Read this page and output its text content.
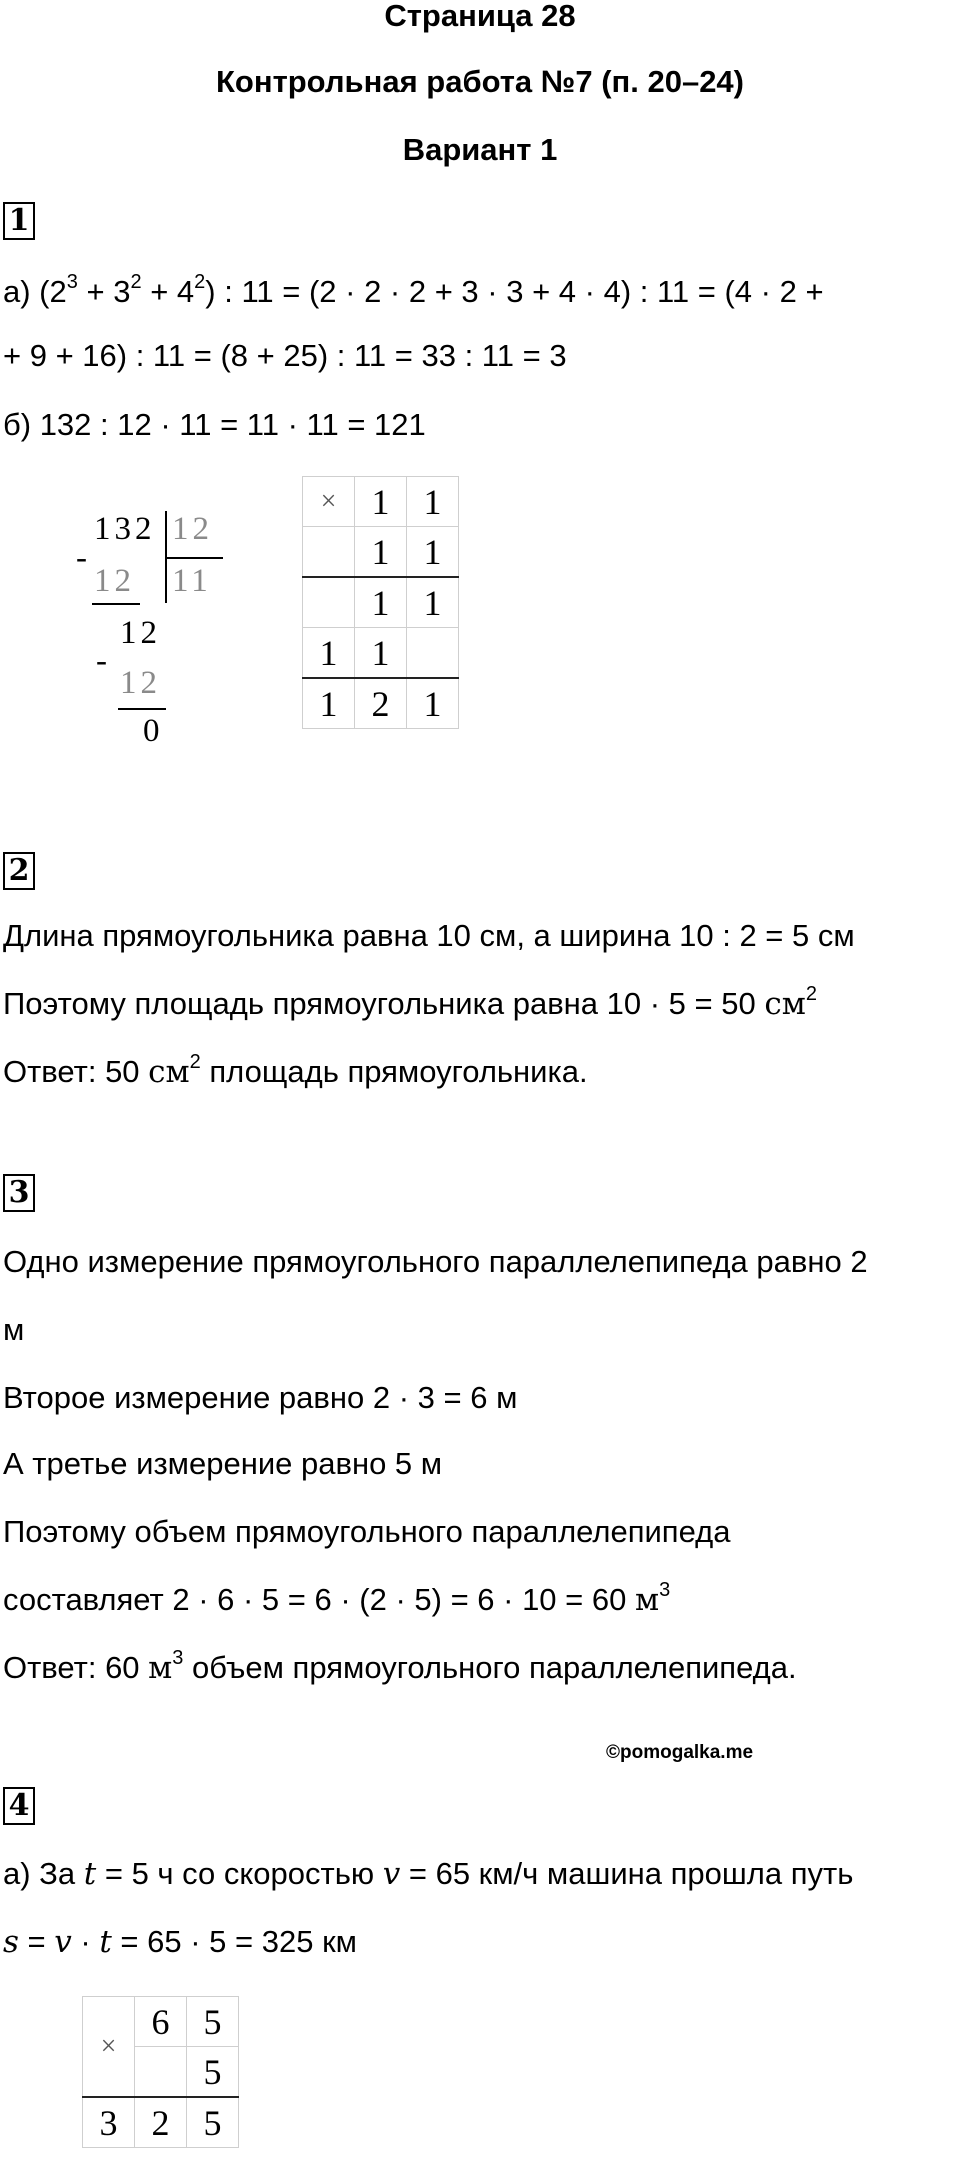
Страница 28
Контрольная работа №7 (п. 20–24)
Вариант 1
1
а) $(2^3 + 3^2 + 4^2)$ : 11 = (2 · 2 · 2 + 3 · 3 + 4 · 4) : 11 = (4 · 2 +
+ 9 + 16) : 11 = (8 + 25) : 11 = 33 : 11 = 3
б) 132 : 12 · 11 = 11 · 11 = 121
132 12
11
-
12
12
-
12
0
×	1	1
	1	1
	1	1
1	1	
1	2	1
2
Длина прямоугольника равна 10 см, а ширина 10 : 2 = 5 см
Поэтому площадь прямоугольника равна 10 · 5 = 50 $см^2$
Ответ: 50 $см^2$ площадь прямоугольника.
3
Одно измерение прямоугольного параллелепипеда равно 2
м
Второе измерение равно 2 · 3 = 6 м
А третье измерение равно 5 м
Поэтому объем прямоугольного параллелепипеда
составляет 2 · 6 · 5 = 6 · (2 · 5) = 6 · 10 = 60 $м^3$
Ответ: 60 $м^3$ объем прямоугольного параллелепипеда.
©pomogalka.me
4
а) За t = 5 ч со скоростью v = 65 км/ч машина прошла путь
s = v · t = 65 · 5 = 325 км
×	6	5
		5
3	2	5
